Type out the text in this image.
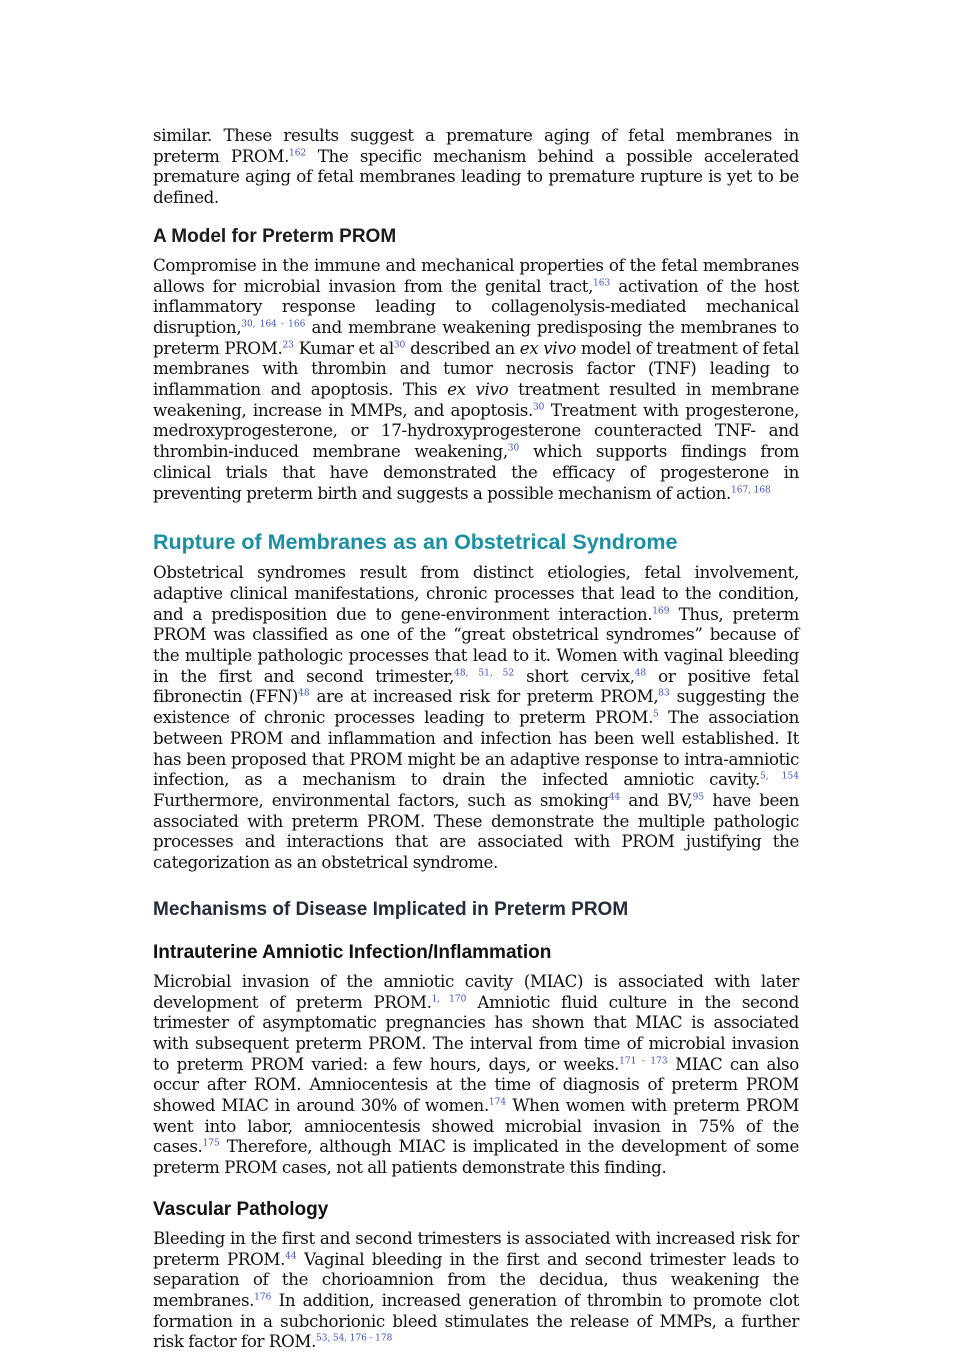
similar. These results suggest a premature aging of fetal membranes in preterm PROM.$^{162}$ The specific mechanism behind a possible accelerated premature aging of fetal membranes leading to premature rupture is yet to be defined.

A Model for Preterm PROM

Compromise in the immune and mechanical properties of the fetal membranes allows for microbial invasion from the genital tract,$^{163}$ activation of the host inflammatory response leading to collagenolysis-mediated mechanical disruption,$^{30, 164 - 166}$ and membrane weakening predisposing the membranes to preterm PROM.$^{23}$ Kumar et al$^{30}$ described an ex vivo model of treatment of fetal membranes with thrombin and tumor necrosis factor (TNF) leading to inflammation and apoptosis. This ex vivo treatment resulted in membrane weakening, increase in MMPs, and apoptosis.$^{30}$ Treatment with progesterone, medroxyprogesterone, or 17-hydroxyprogesterone counteracted TNF- and thrombin-induced membrane weakening,$^{30}$ which supports findings from clinical trials that have demonstrated the efficacy of progesterone in preventing preterm birth and suggests a possible mechanism of action.$^{167, 168}$

Rupture of Membranes as an Obstetrical Syndrome

Obstetrical syndromes result from distinct etiologies, fetal involvement, adaptive clinical manifestations, chronic processes that lead to the condition, and a predisposition due to gene-environment interaction.$^{169}$ Thus, preterm PROM was classified as one of the “great obstetrical syndromes” because of the multiple pathologic processes that lead to it. Women with vaginal bleeding in the first and second trimester,$^{48, 51, 52}$ short cervix,$^{48}$ or positive fetal fibronectin (FFN)$^{48}$ are at increased risk for preterm PROM,$^{83}$ suggesting the existence of chronic processes leading to preterm PROM.$^5$ The association between PROM and inflammation and infection has been well established. It has been proposed that PROM might be an adaptive response to intra-amniotic infection, as a mechanism to drain the infected amniotic cavity.$^{5, 154}$ Furthermore, environmental factors, such as smoking$^{44}$ and BV,$^{95}$ have been associated with preterm PROM. These demonstrate the multiple pathologic processes and interactions that are associated with PROM justifying the categorization as an obstetrical syndrome.

Mechanisms of Disease Implicated in Preterm PROM
Intrauterine Amniotic Infection/Inflammation

Microbial invasion of the amniotic cavity (MIAC) is associated with later development of preterm PROM.$^{1, 170}$ Amniotic fluid culture in the second trimester of asymptomatic pregnancies has shown that MIAC is associated with subsequent preterm PROM. The interval from time of microbial invasion to preterm PROM varied: a few hours, days, or weeks.$^{171 - 173}$ MIAC can also occur after ROM. Amniocentesis at the time of diagnosis of preterm PROM showed MIAC in around 30% of women.$^{174}$ When women with preterm PROM went into labor, amniocentesis showed microbial invasion in 75% of the cases.$^{175}$ Therefore, although MIAC is implicated in the development of some preterm PROM cases, not all patients demonstrate this finding.

Vascular Pathology

Bleeding in the first and second trimesters is associated with increased risk for preterm PROM.$^{44}$ Vaginal bleeding in the first and second trimester leads to separation of the chorioamnion from the decidua, thus weakening the membranes.$^{176}$ In addition, increased generation of thrombin to promote clot formation in a subchorionic bleed stimulates the release of MMPs, a further risk factor for ROM.$^{53, 54, 176 - 178}$
